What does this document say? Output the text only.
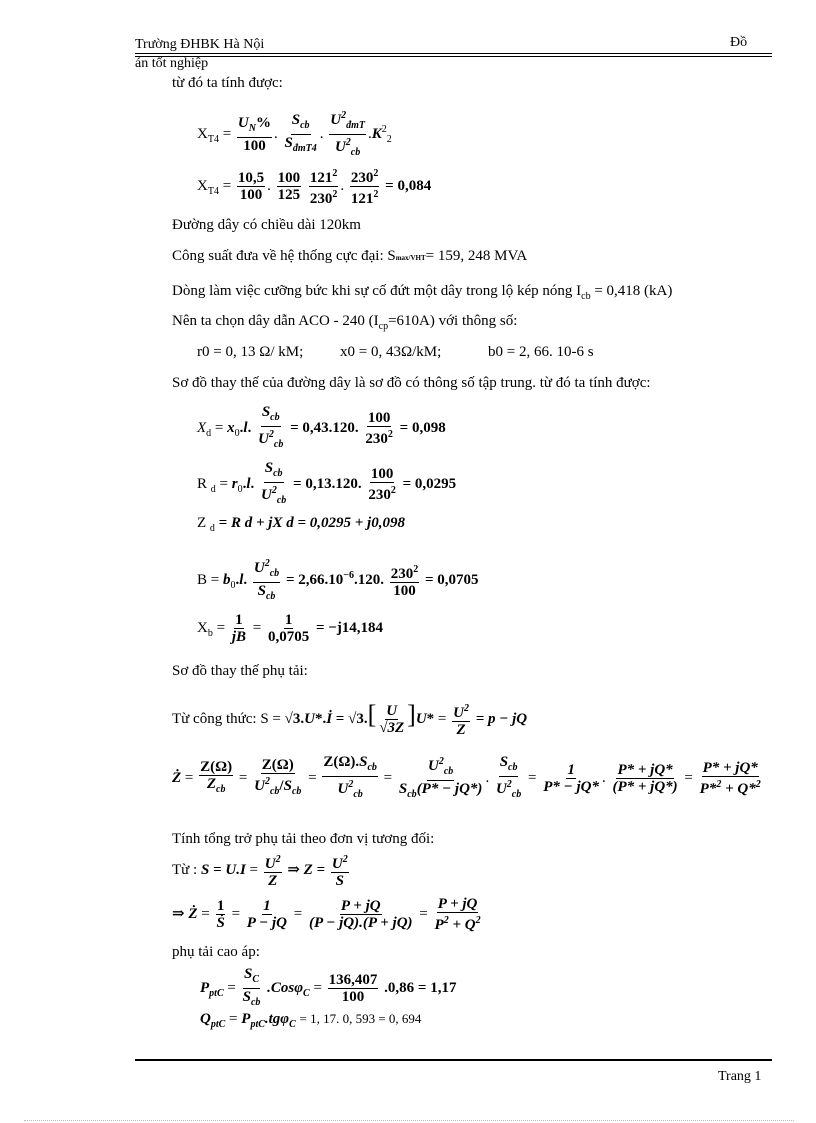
Trường ĐHBK Hà Nội	Đồ
án tốt nghiệp
từ đó ta tính được:
$X_{T4} = \frac{U_N\%}{100}$ . $\frac{S_{cb}}{S_{đmT4}}$ . $\frac{U^2_{đmT}}{U^2_{cb}} .K^2_2$
$X_{T4} = \frac{10,5}{100}$ . $\frac{100}{125}$
$\frac{121^2}{230^2}$ . $\frac{230^2}{121^2} = 0,084$
Đường dây có chiều dài 120km
Công suất đưa về hệ thống cực đại: Smax/VHT= 159, 248 MVA
Dòng làm việc cưỡng bức khi sự cố đứt một dây trong lộ kép nóng $I_{cb} = 0,418$ (kA)
Nên ta chọn dây dẫn ACO - 240 $(I_{cp}=610A)$ với thông số:
r0 = 0, 13 Ω/ kM; x0 = 0, 43Ω/kM;	b0 = 2, 66. 10-6 s
Sơ đồ thay thế của đường dây là sơ đồ có thông số tập trung. từ đó ta tính được:
$X_d = x_0.l$. $\frac{S_{cb}}{U^2_{cb}} = 0,43.120$. $\frac{100}{230^2} = 0,098$
R $_d = r_0.l$. $\frac{S_{cb}}{U^2_{cb}} = 0,13.120$. $\frac{100}{230^2} = 0,0295$
Z $_d$ = R d + jX d = 0,0295 + j0,098
$B = b_0.l$. $\frac{U^2_{cb}}{S_{cb}} = 2,66.10^{-6}.120$. $\frac{230^2}{100} = 0,0705$
$X_b = \frac{1}{jB} = \frac{1}{0,0705} = -j14,184$
Sơ đồ thay thế phụ tải:
Từ công thức: S = √3.U*.İ = $√3.[ \frac{U}{√3Z} ]U* = \frac{U^2}{Z} = p$ − jQ
Ż = $\frac{Z(\Omega)}{Z_{cb}} = \frac{Z(\Omega)}{U^2_{cb}/S_{cb}} = \frac{Z(\Omega).S_{cb}}{U^2_{cb}} = \frac{U^2_{cb}}{S_{cb}(P* - jQ*)}$ . $\frac{S_{cb}}{U^2_{cb}} = \frac{1}{P* - jQ*}$ . $\frac{P* + jQ*}{(P* + jQ*)} = \frac{P* + jQ*}{P*^2 + Q*^2}$
Tính tổng trở phụ tải theo đơn vị tương đối:
Từ : $S = U.I = \frac{U^2}{Z}$ ⇒ $Z = \frac{U^2}{S}$
⇒ Ż = $\frac{1}{\text{Ṡ}} = \frac{1}{P - jQ} = \frac{P + jQ}{(P - jQ).(P + jQ)} = \frac{P + jQ}{P^2 + Q^2}$
phụ tải cao áp:
$P_{ptC} = \frac{S_C}{S_{cb}} .Cos\varphi_C = \frac{136,407}{100} .0,86 = 1,17$
$Q_{ptC} = P_{ptC}.tg\varphi_C = 1$, 17. 0, 593 = 0, 694
Trang 1
